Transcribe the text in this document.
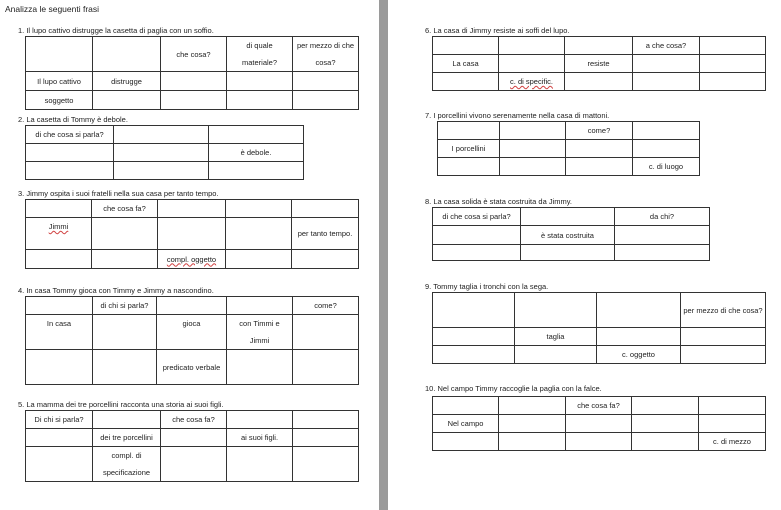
Analizza le seguenti frasi
1. Il lupo cattivo distrugge la casetta di paglia con un soffio.
		che cosa?	di quale materiale?	per mezzo di che cosa?
Il lupo cattivo	distrugge			
soggetto				
2. La casetta di Tommy è debole.
di che cosa si parla?		
		è debole.

3. Jimmy ospita i suoi fratelli nella sua casa per tanto tempo.
	che cosa fa?			
Jimmi				per tanto tempo.
		compl. oggetto		
4. In casa Tommy gioca con Timmy e Jimmy a nascondino.
	di chi si parla?			come?
In casa		gioca	con Timmi e Jimmi	
		predicato verbale		
5. La mamma dei tre porcellini racconta una storia ai suoi figli.
Di chi si parla?		che cosa fa?		
	dei tre porcellini		ai suoi figli.	
	compl. di specificazione			
6. La casa di Jimmy resiste ai soffi del lupo.
			a che cosa?	
La casa		resiste		
	c. di specific.			
7. I porcellini vivono serenamente nella casa di mattoni.
		come?	
I porcellini			
			c. di luogo
8. La casa solida è stata costruita da Jimmy.
di che cosa si parla?		da chi?
	è stata costruita	

9. Tommy taglia i tronchi con la sega.
			per mezzo di che cosa?
	taglia		
		c. oggetto	
10. Nel campo Timmy raccoglie la paglia con la falce.
		che cosa fa?		
Nel campo				
				c. di mezzo
